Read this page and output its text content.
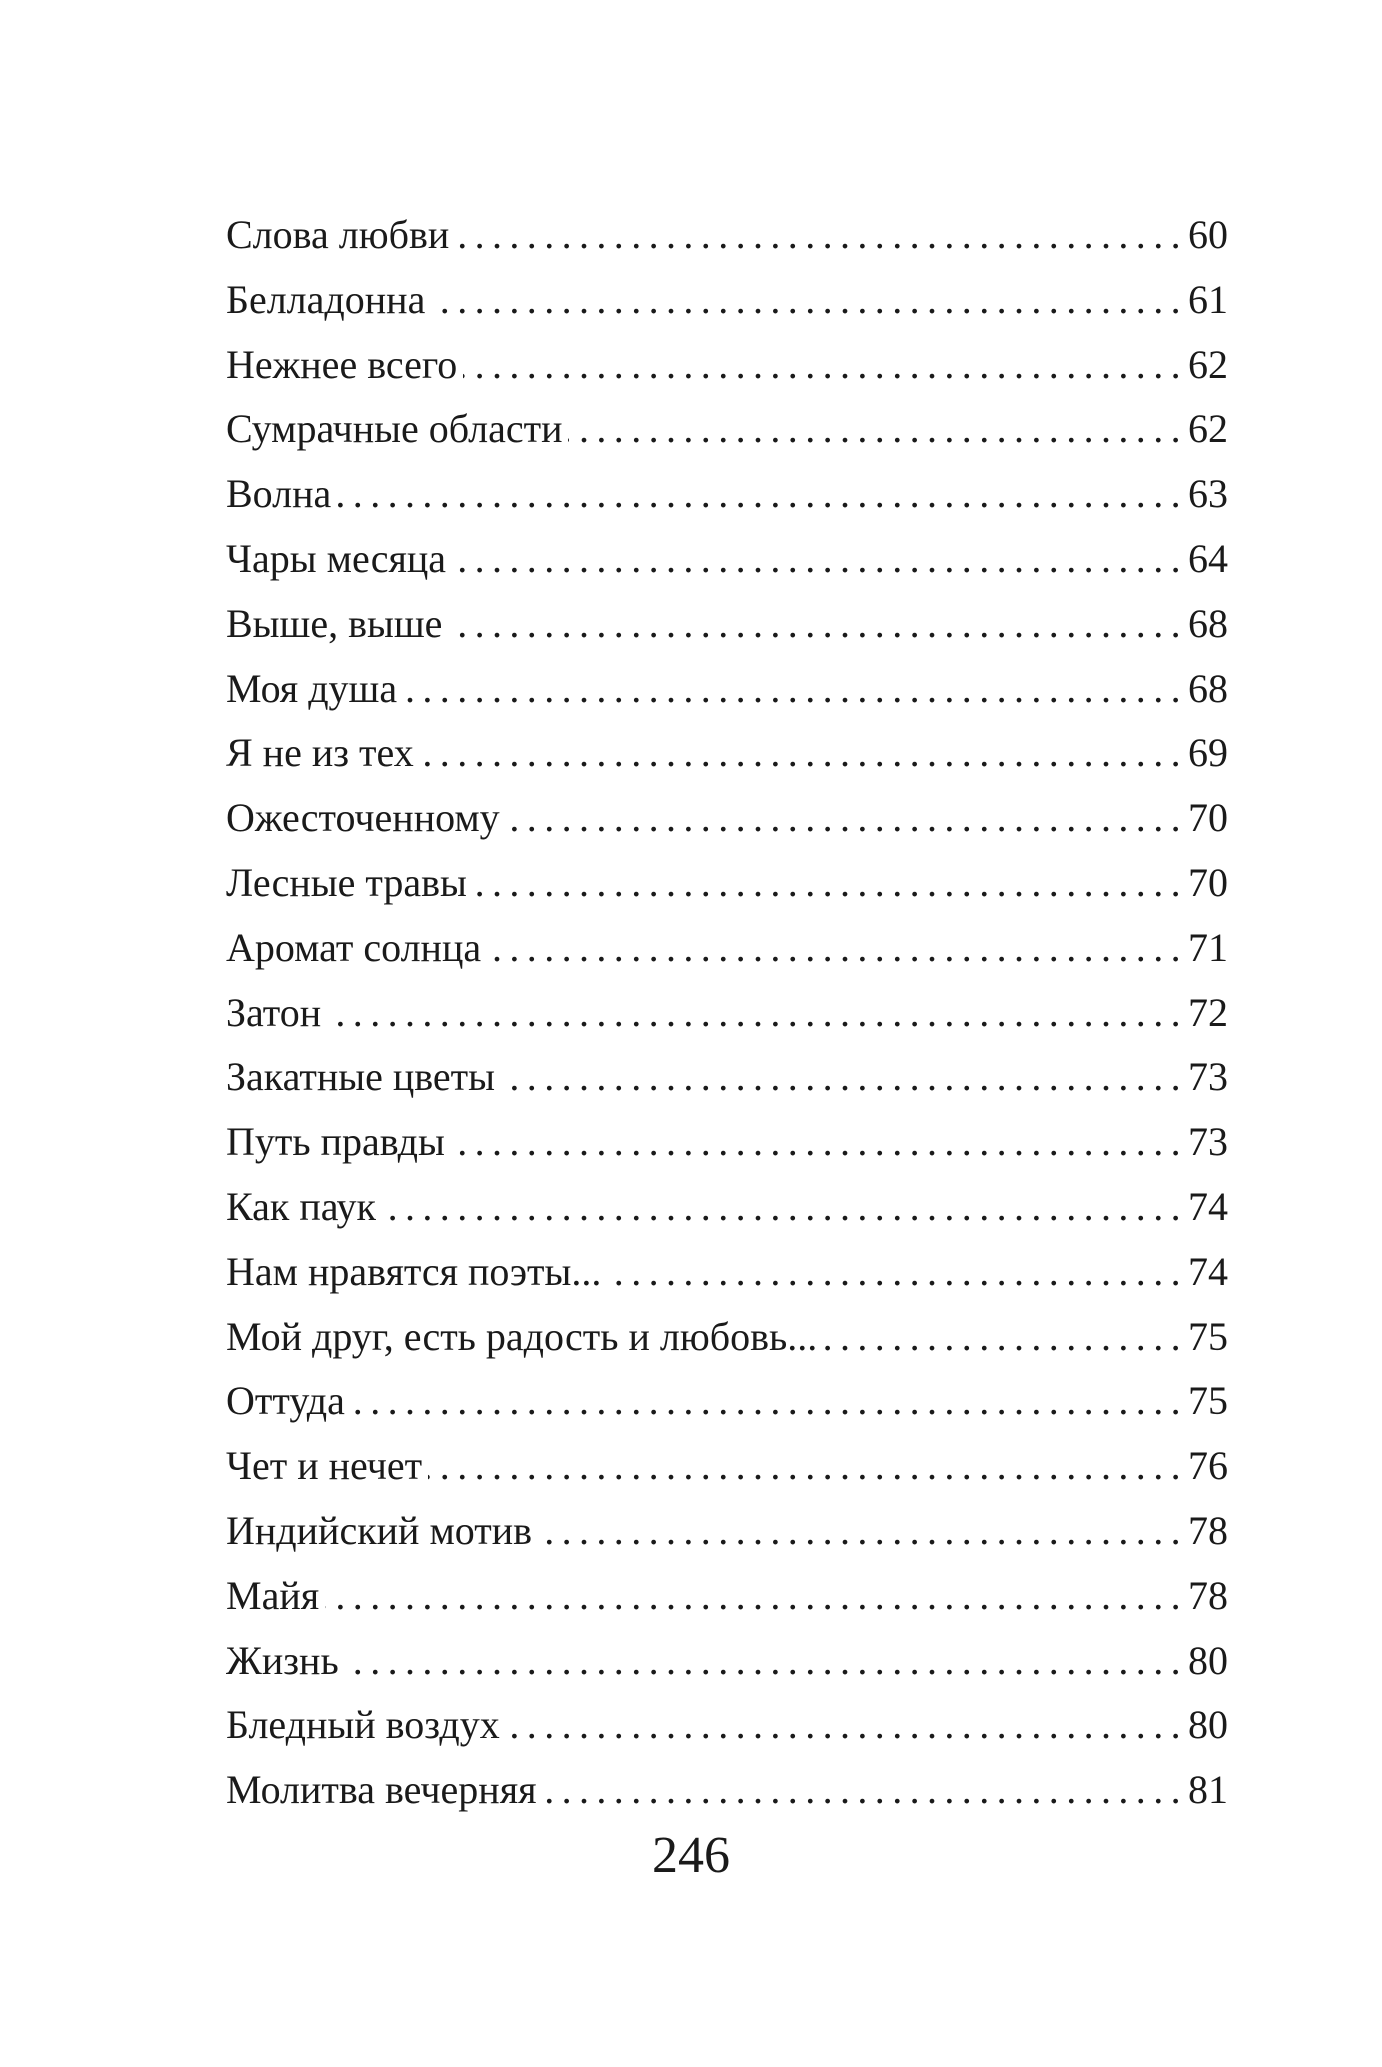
Слова любви .....	60
Белладонна .....	61
Нежнее всего .....	62
Сумрачные области .....	62
Волна .....	63
Чары месяца .....	64
Выше, выше .....	68
Моя душа .....	68
Я не из тех .....	69
Ожесточенному .....	70
Лесные травы .....	70
Аромат солнца .....	71
Затон .....	72
Закатные цветы .....	73
Путь правды .....	73
Как паук .....	74
Нам нравятся поэты... .....	74
Мой друг, есть радость и любовь... .....	75
Оттуда .....	75
Чет и нечет .....	76
Индийский мотив .....	78
Майя .....	78
Жизнь .....	80
Бледный воздух .....	80
Молитва вечерняя .....	81
246
